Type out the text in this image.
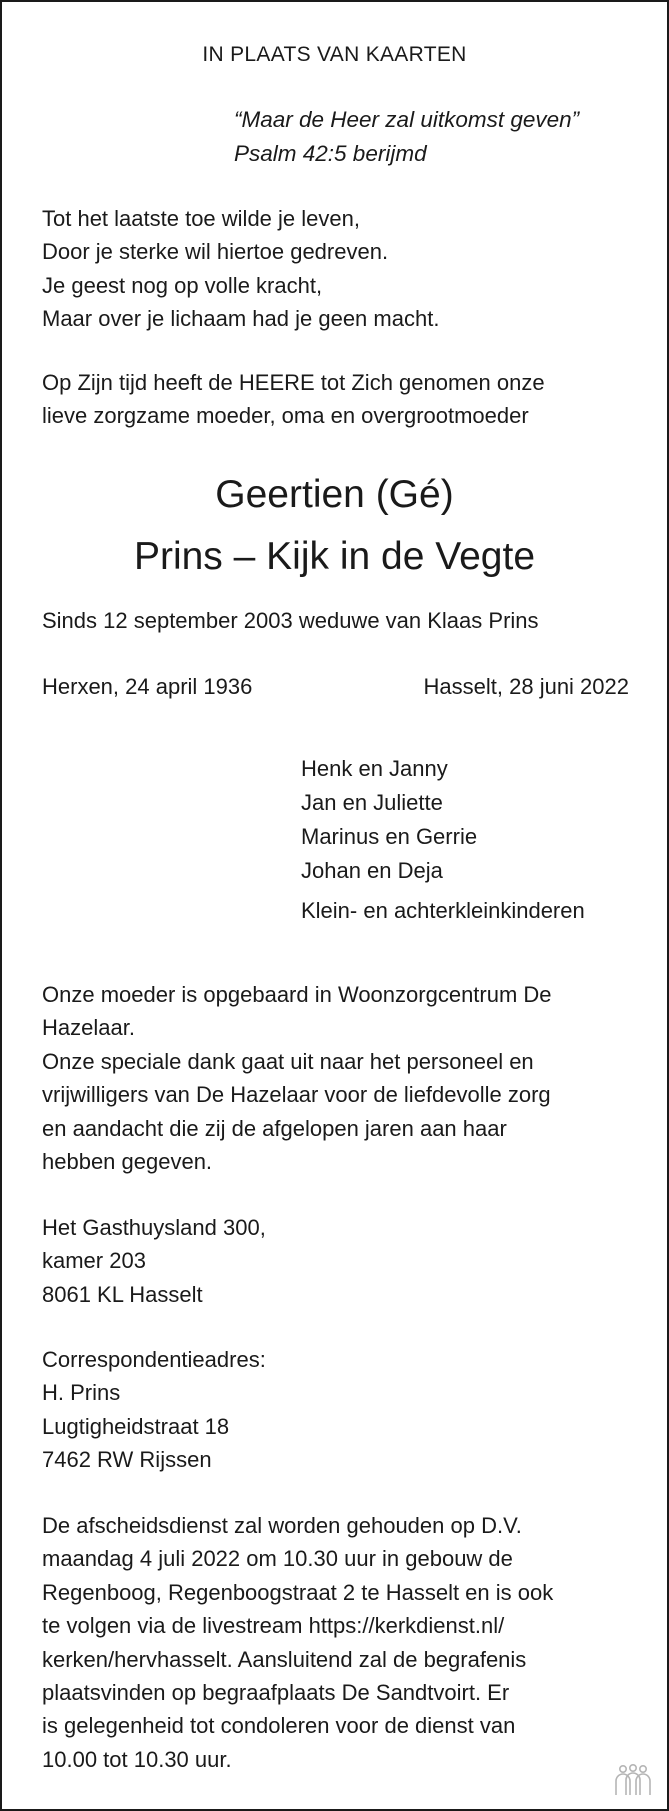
IN PLAATS VAN KAARTEN
“Maar de Heer zal uitkomst geven”
Psalm 42:5 berijmd
Tot het laatste toe wilde je leven,
Door je sterke wil hiertoe gedreven.
Je geest nog op volle kracht,
Maar over je lichaam had je geen macht.
Op Zijn tijd heeft de HEERE tot Zich genomen onze
lieve zorgzame moeder, oma en overgrootmoeder
Geertien (Gé)
Prins – Kijk in de Vegte
Sinds 12 september 2003 weduwe van Klaas Prins
Herxen, 24 april 1936	Hasselt, 28 juni 2022
Henk en Janny
Jan en Juliette
Marinus en Gerrie
Johan en Deja
Klein- en achterkleinkinderen
Onze moeder is opgebaard in Woonzorgcentrum De
Hazelaar.
Onze speciale dank gaat uit naar het personeel en
vrijwilligers van De Hazelaar voor de liefdevolle zorg
en aandacht die zij de afgelopen jaren aan haar
hebben gegeven.
Het Gasthuysland 300,
kamer 203
8061 KL Hasselt
Correspondentieadres:
H. Prins
Lugtigheidstraat 18
7462 RW Rijssen
De afscheidsdienst zal worden gehouden op D.V.
maandag 4 juli 2022 om 10.30 uur in gebouw de
Regenboog, Regenboogstraat 2 te Hasselt en is ook
te volgen via de livestream https://kerkdienst.nl/
kerken/hervhasselt. Aansluitend zal de begrafenis
plaatsvinden op begraafplaats De Sandtvoirt. Er
is gelegenheid tot condoleren voor de dienst van
10.00 tot 10.30 uur.
